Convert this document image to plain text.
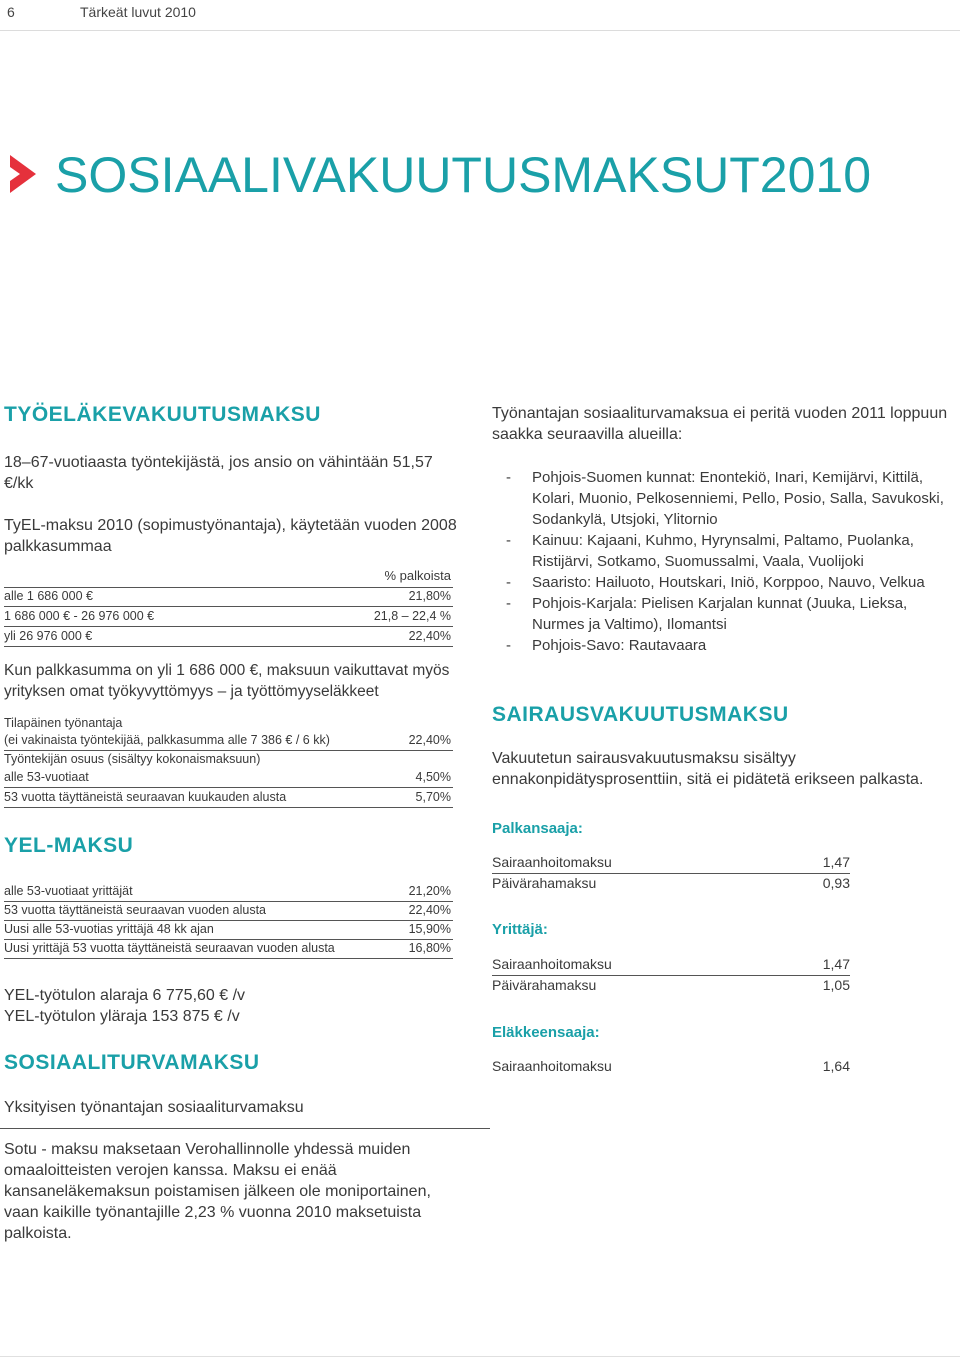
6	Tärkeät luvut 2010
SOSIAALIVAKUUTUSMAKSUT2010
TYÖELÄKEVAKUUTUSMAKSU
18–67-vuotiaasta työntekijästä, jos ansio on vähintään 51,57 €/kk
TyEL-maksu 2010 (sopimustyönantaja), käytetään vuoden 2008 palkkasummaa
% palkoista
alle 1 686 000 €	21,80%
1 686 000 € - 26 976 000 €	21,8 – 22,4 %
yli 26 976 000 €	22,40%
Kun palkkasumma on yli 1 686 000 €, maksuun vaikuttavat myös yrityksen omat työkyvyttömyys – ja työttömyyseläkkeet
Tilapäinen työnantaja
(ei vakinaista työntekijää, palkkasumma alle 7 386 € / 6 kk)	22,40%
Työntekijän osuus (sisältyy kokonaismaksuun)
alle 53-vuotiaat	4,50%
53 vuotta täyttäneistä seuraavan kuukauden alusta	5,70%
YEL-MAKSU
alle 53-vuotiaat yrittäjät	21,20%
53 vuotta täyttäneistä seuraavan vuoden alusta	22,40%
Uusi alle 53-vuotias yrittäjä 48 kk ajan	15,90%
Uusi yrittäjä 53 vuotta täyttäneistä seuraavan vuoden alusta	16,80%
YEL-työtulon alaraja 6 775,60 € /v
YEL-työtulon yläraja 153 875 € /v
SOSIAALITURVAMAKSU
Yksityisen työnantajan sosiaaliturvamaksu
Sotu - maksu maksetaan Verohallinnolle yhdessä muiden omaaloitteisten verojen kanssa. Maksu ei enää kansaneläkemaksun poistamisen jälkeen ole moniportainen, vaan kaikille työnantajille 2,23 % vuonna 2010 maksetuista palkoista.
Työnantajan sosiaaliturvamaksua ei peritä vuoden 2011 loppuun saakka seuraavilla alueilla:
- Pohjois-Suomen kunnat: Enontekiö, Inari, Kemijärvi, Kittilä, Kolari, Muonio, Pelkosenniemi, Pello, Posio, Salla, Savukoski, Sodankylä, Utsjoki, Ylitornio
- Kainuu: Kajaani, Kuhmo, Hyrynsalmi, Paltamo, Puolanka, Ristijärvi, Sotkamo, Suomussalmi, Vaala, Vuolijoki
- Saaristo: Hailuoto, Houtskari, Iniö, Korppoo, Nauvo, Velkua
- Pohjois-Karjala: Pielisen Karjalan kunnat (Juuka, Lieksa, Nurmes ja Valtimo), Ilomantsi
- Pohjois-Savo: Rautavaara
SAIRAUSVAKUUTUSMAKSU
Vakuutetun sairausvakuutusmaksu sisältyy ennakonpidätysprosenttiin, sitä ei pidätetä erikseen palkasta.
Palkansaaja:
Sairaanhoitomaksu	1,47
Päivärahamaksu	0,93
Yrittäjä:
Sairaanhoitomaksu	1,47
Päivärahamaksu	1,05
Eläkkeensaaja:
Sairaanhoitomaksu	1,64
